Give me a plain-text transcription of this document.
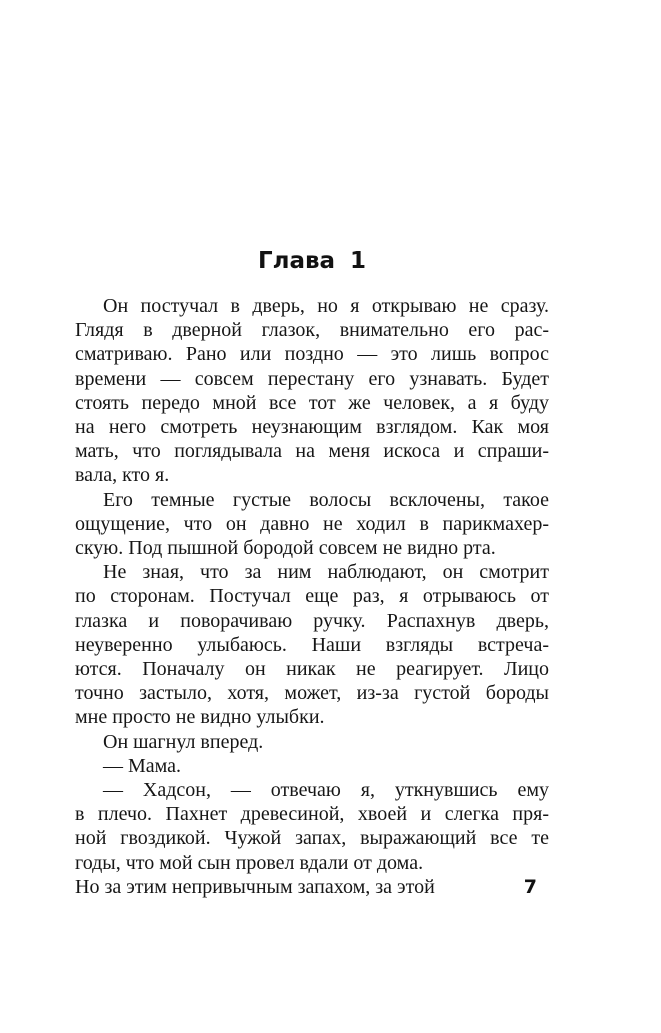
Глава 1
Он постучал в дверь, но я открываю не сразу.
Глядя в дверной глазок, внимательно его рас-
сматриваю. Рано или поздно — это лишь вопрос
времени — совсем перестану его узнавать. Будет
стоять передо мной все тот же человек, а я буду
на него смотреть неузнающим взглядом. Как моя
мать, что поглядывала на меня искоса и спраши-
вала, кто я.
Его темные густые волосы всклочены, такое
ощущение, что он давно не ходил в парикмахер-
скую. Под пышной бородой совсем не видно рта.
Не зная, что за ним наблюдают, он смотрит
по сторонам. Постучал еще раз, я отрываюсь от
глазка и поворачиваю ручку. Распахнув дверь,
неуверенно улыбаюсь. Наши взгляды встреча-
ются. Поначалу он никак не реагирует. Лицо
точно застыло, хотя, может, из-за густой бороды
мне просто не видно улыбки.
Он шагнул вперед.
— Мама.
— Хадсон, — отвечаю я, уткнувшись ему
в плечо. Пахнет древесиной, хвоей и слегка пря-
ной гвоздикой. Чужой запах, выражающий все те
годы, что мой сын провел вдали от дома.
Но за этим непривычным запахом, за этой	7
